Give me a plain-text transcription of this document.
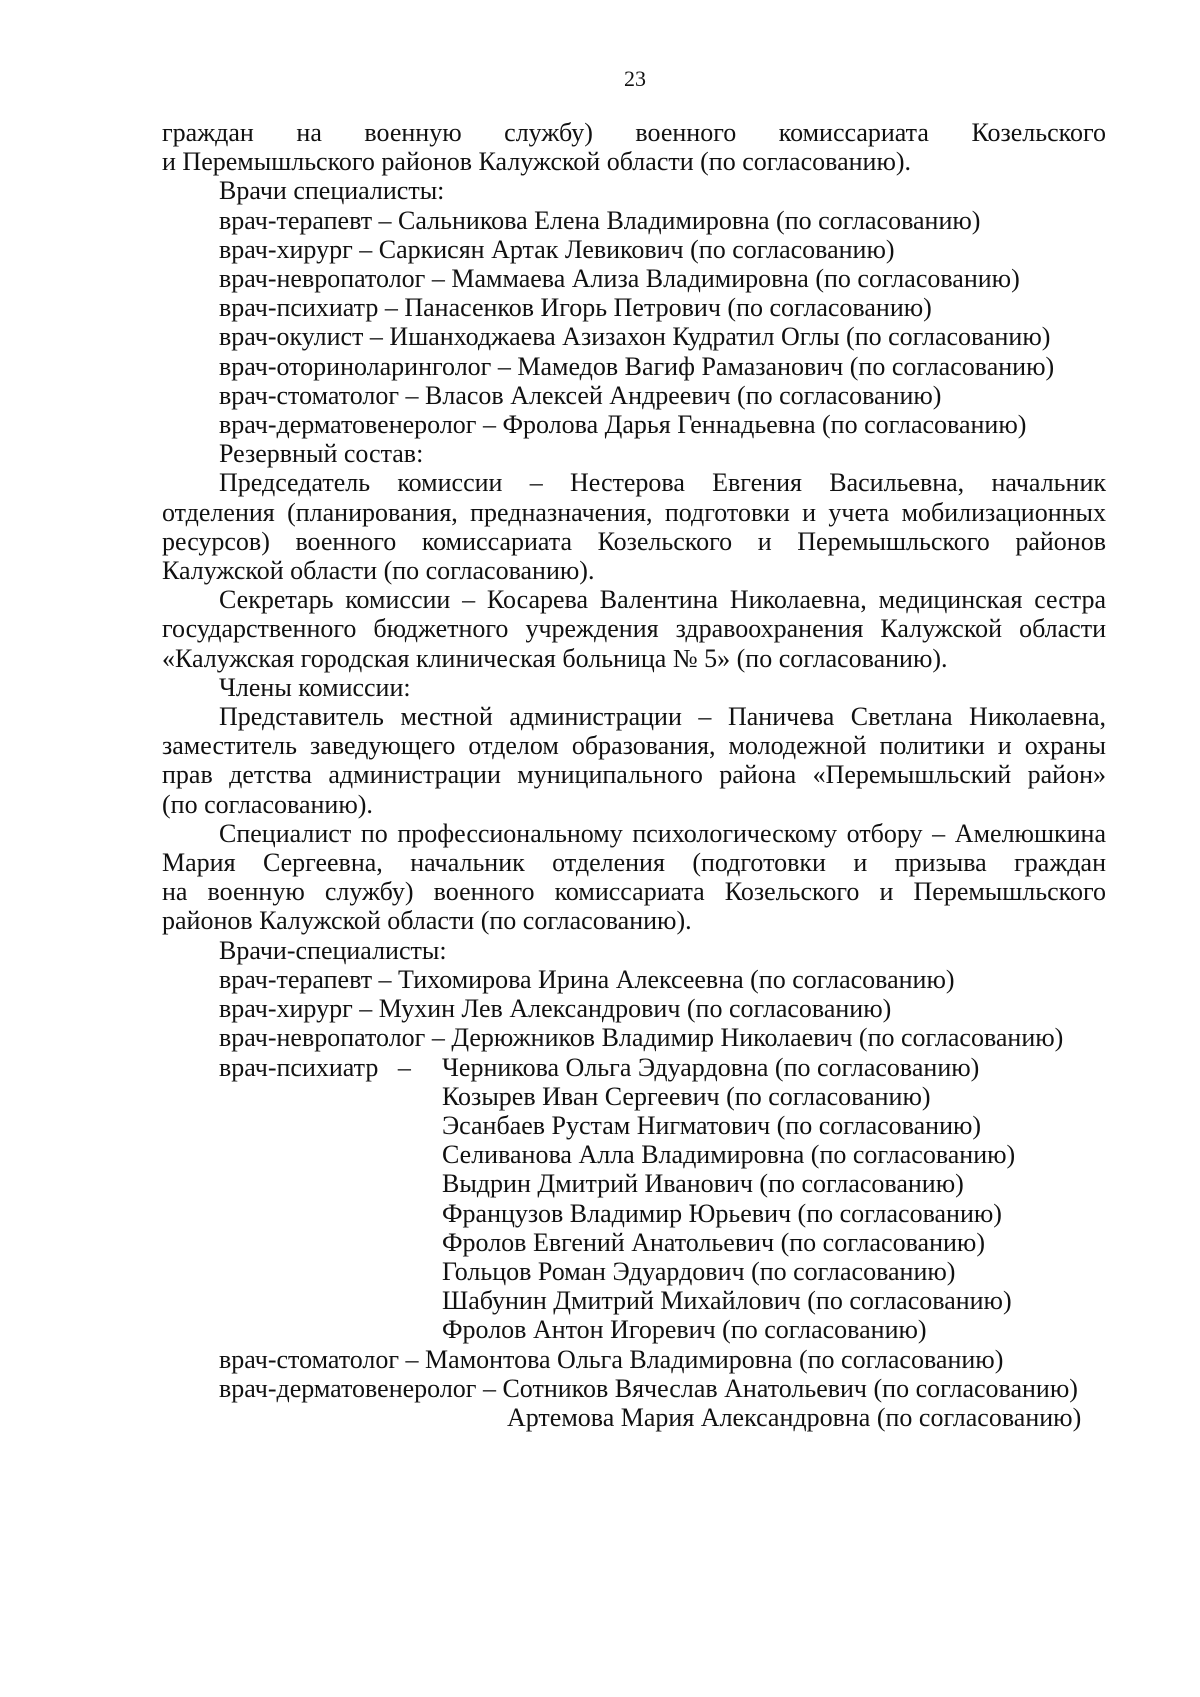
23
граждан на военную службу) военного комиссариата Козельского
и Перемышльского районов Калужской области (по согласованию).
Врачи специалисты:
врач-терапевт – Сальникова Елена Владимировна (по согласованию)
врач-хирург – Саркисян Артак Левикович (по согласованию)
врач-невропатолог – Маммаева Ализа Владимировна (по согласованию)
врач-психиатр – Панасенков Игорь Петрович (по согласованию)
врач-окулист – Ишанходжаева Азизахон Кудратил Оглы (по согласованию)
врач-оториноларинголог – Мамедов Вагиф Рамазанович (по согласованию)
врач-стоматолог – Власов Алексей Андреевич (по согласованию)
врач-дерматовенеролог – Фролова Дарья Геннадьевна (по согласованию)
Резервный состав:
Председатель комиссии – Нестерова Евгения Васильевна, начальник
отделения (планирования, предназначения, подготовки и учета мобилизационных
ресурсов) военного комиссариата Козельского и Перемышльского районов
Калужской области (по согласованию).
Секретарь комиссии – Косарева Валентина Николаевна, медицинская сестра
государственного бюджетного учреждения здравоохранения Калужской области
«Калужская городская клиническая больница № 5» (по согласованию).
Члены комиссии:
Представитель местной администрации – Паничева Светлана Николаевна,
заместитель заведующего отделом образования, молодежной политики и охраны
прав детства администрации муниципального района «Перемышльский район»
(по согласованию).
Специалист по профессиональному психологическому отбору – Амелюшкина
Мария Сергеевна, начальник отделения (подготовки и призыва граждан
на военную службу) военного комиссариата Козельского и Перемышльского
районов Калужской области (по согласованию).
Врачи-специалисты:
врач-терапевт – Тихомирова Ирина Алексеевна (по согласованию)
врач-хирург – Мухин Лев Александрович (по согласованию)
врач-невропатолог – Дерюжников Владимир Николаевич (по согласованию)
врач-психиатр   –	Черникова Ольга Эдуардовна (по согласованию)
Козырев Иван Сергеевич (по согласованию)
Эсанбаев Рустам Нигматович (по согласованию)
Селиванова Алла Владимировна (по согласованию)
Выдрин Дмитрий Иванович (по согласованию)
Французов Владимир Юрьевич (по согласованию)
Фролов Евгений Анатольевич (по согласованию)
Гольцов Роман Эдуардович (по согласованию)
Шабунин Дмитрий Михайлович (по согласованию)
Фролов Антон Игоревич (по согласованию)
врач-стоматолог – Мамонтова Ольга Владимировна (по согласованию)
врач-дерматовенеролог – Сотников Вячеслав Анатольевич (по согласованию)
Артемова Мария Александровна (по согласованию)
